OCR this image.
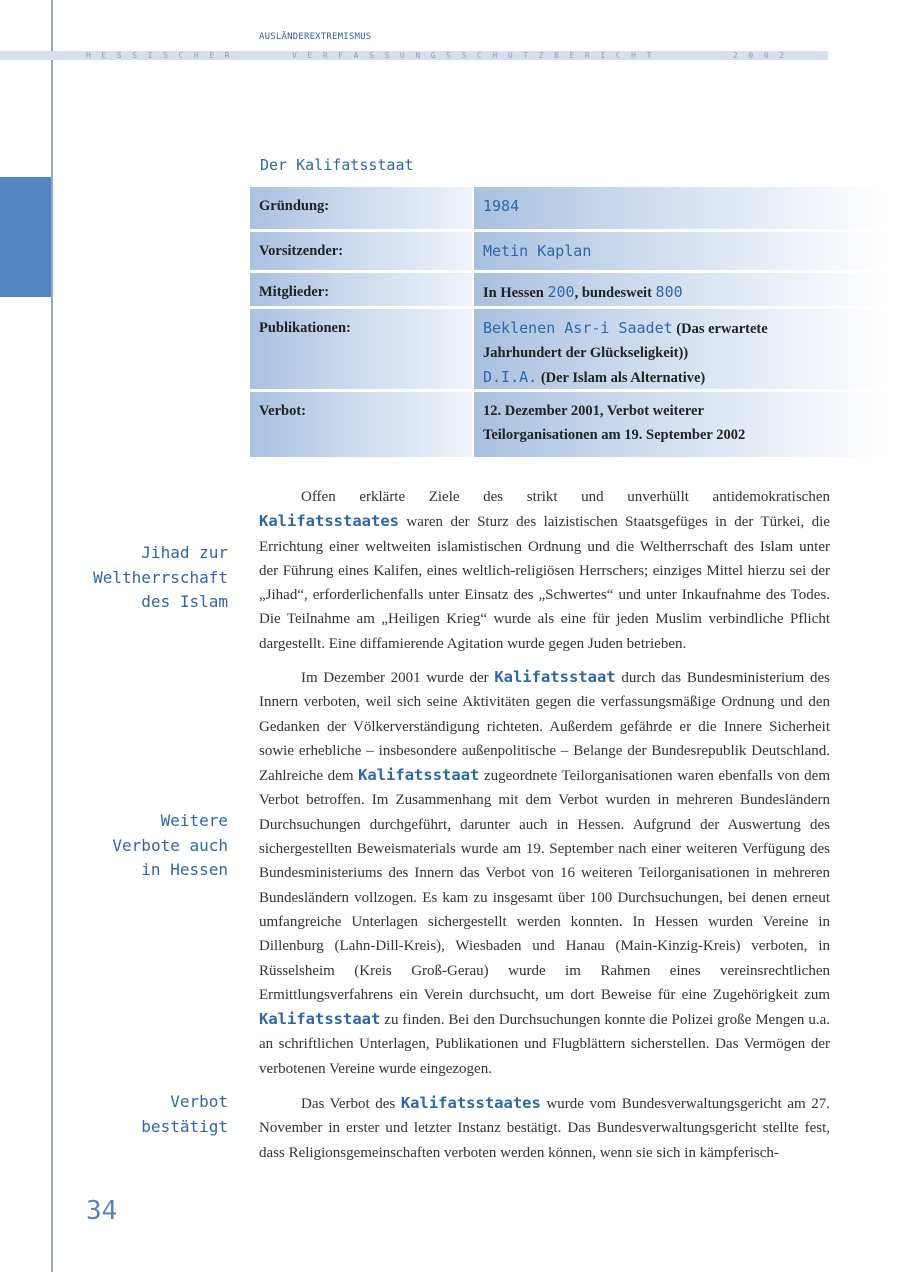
AUSLÄNDEREXTREMISMUS
HESSISCHER	VERFASSUNGSSCHUTZBERICHT	2002
Der Kalifatsstaat
Gründung:	1984
Vorsitzender:	Metin Kaplan
Mitglieder:	In Hessen 200, bundesweit 800
Publikationen:	Beklenen Asr-i Saadet (Das erwartete Jahrhundert der Glückseligkeit))
D.I.A. (Der Islam als Alternative)
Verbot:	12. Dezember 2001, Verbot weiterer Teilorganisationen am 19. September 2002
Jihad zur
Weltherrschaft
des Islam
Weitere
Verbote auch
in Hessen
Verbot
bestätigt

Offen erklärte Ziele des strikt und unverhüllt antidemokratischen Kalifatsstaates waren der Sturz des laizistischen Staatsgefüges in der Türkei, die Errichtung einer weltweiten islamistischen Ordnung und die Weltherrschaft des Islam unter der Führung eines Kalifen, eines weltlich-religiösen Herrschers; einziges Mittel hierzu sei der „Jihad“, erforderlichenfalls unter Einsatz des „Schwertes“ und unter Inkaufnahme des Todes. Die Teilnahme am „Heiligen Krieg“ wurde als eine für jeden Muslim verbindliche Pflicht dargestellt. Eine diffamierende Agitation wurde gegen Juden betrieben.

Im Dezember 2001 wurde der Kalifatsstaat durch das Bundesministerium des Innern verboten, weil sich seine Aktivitäten gegen die verfassungsmäßige Ordnung und den Gedanken der Völkerverständigung richteten. Außerdem gefährde er die Innere Sicherheit sowie erhebliche – insbesondere außenpolitische – Belange der Bundesrepublik Deutschland. Zahlreiche dem Kalifatsstaat zugeordnete Teilorganisationen waren ebenfalls von dem Verbot betroffen. Im Zusammenhang mit dem Verbot wurden in mehreren Bundesländern Durchsuchungen durchgeführt, darunter auch in Hessen. Aufgrund der Auswertung des sichergestellten Beweismaterials wurde am 19. September nach einer weiteren Verfügung des Bundesministeriums des Innern das Verbot von 16 weiteren Teilorganisationen in mehreren Bundesländern vollzogen. Es kam zu insgesamt über 100 Durchsuchungen, bei denen erneut umfangreiche Unterlagen sichergestellt werden konnten. In Hessen wurden Vereine in Dillenburg (Lahn-Dill-Kreis), Wiesbaden und Hanau (Main-Kinzig-Kreis) verboten, in Rüsselsheim (Kreis Groß-Gerau) wurde im Rahmen eines vereinsrechtlichen Ermittlungsverfahrens ein Verein durchsucht, um dort Beweise für eine Zugehörigkeit zum Kalifatsstaat zu finden. Bei den Durchsuchungen konnte die Polizei große Mengen u.a. an schriftlichen Unterlagen, Publikationen und Flugblättern sicherstellen. Das Vermögen der verbotenen Vereine wurde eingezogen.

Das Verbot des Kalifatsstaates wurde vom Bundesverwaltungsgericht am 27. November in erster und letzter Instanz bestätigt. Das Bundesverwaltungsgericht stellte fest, dass Religionsgemeinschaften verboten werden können, wenn sie sich in kämpferisch-

34
